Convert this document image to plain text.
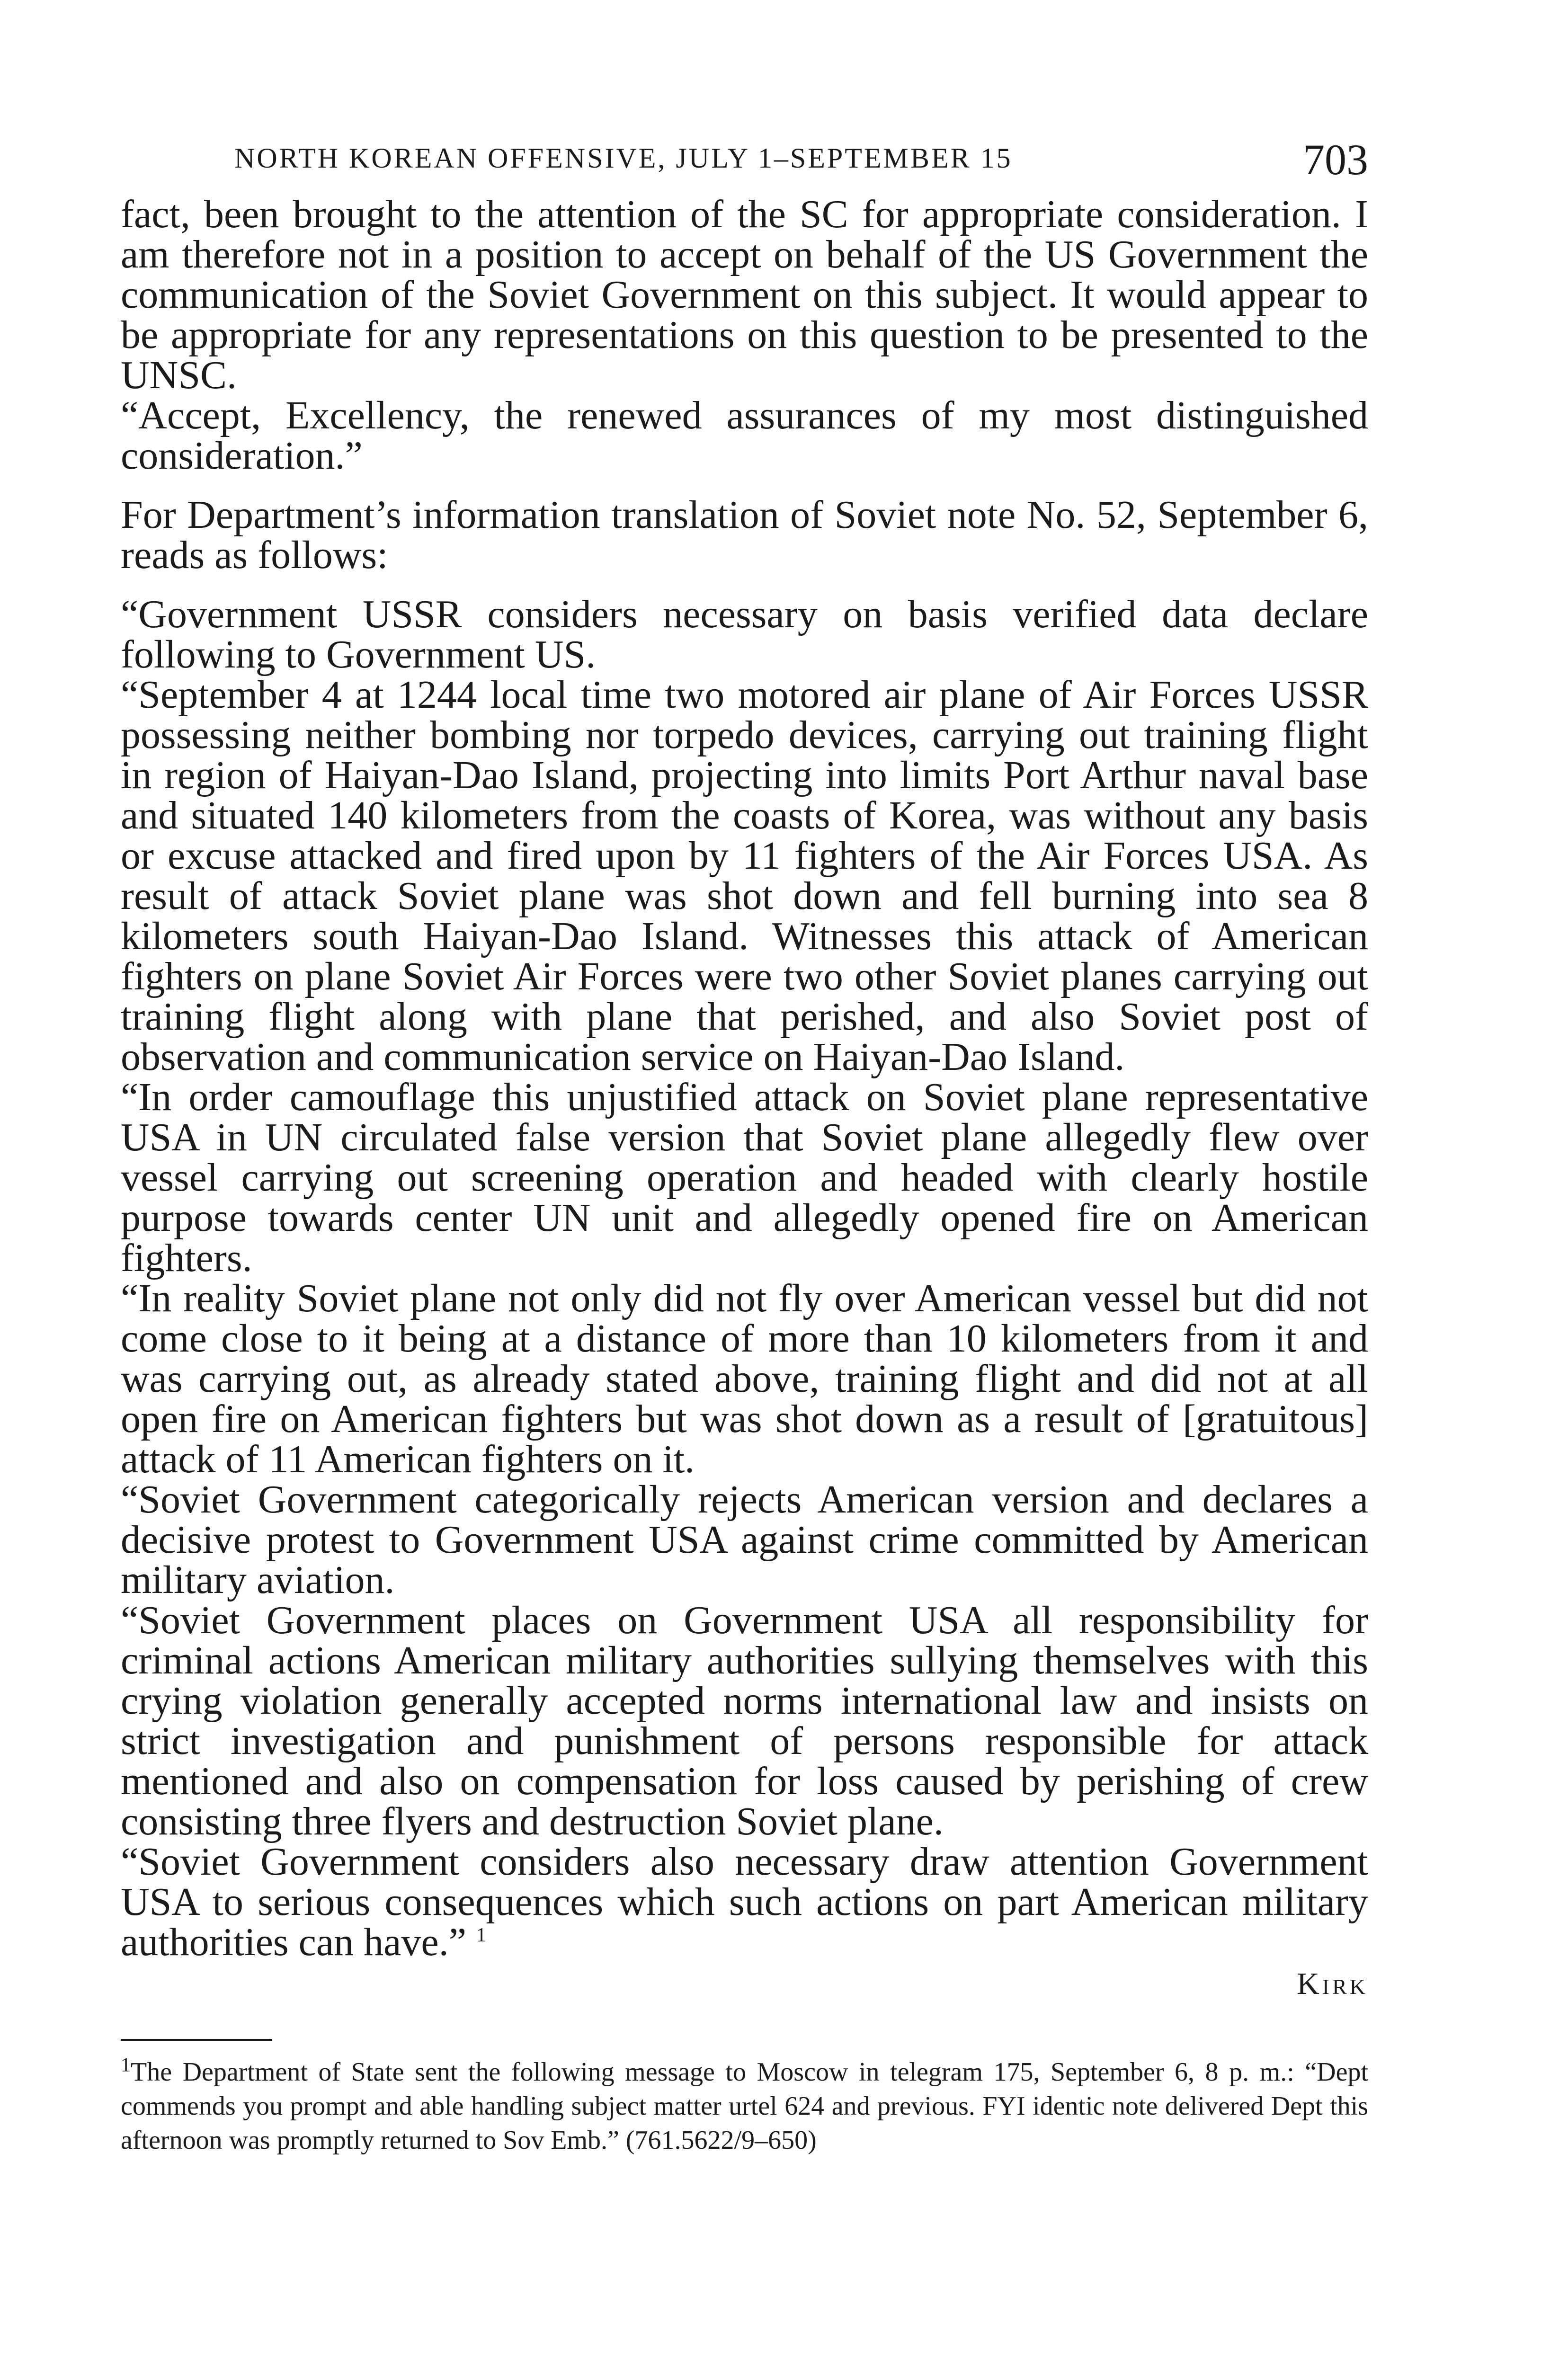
NORTH KOREAN OFFENSIVE, JULY 1–SEPTEMBER 15	703

fact, been brought to the attention of the SC for appropriate consideration. I am therefore not in a position to accept on behalf of the US Government the communication of the Soviet Government on this subject. It would appear to be appropriate for any representations on this question to be presented to the UNSC.

“Accept, Excellency, the renewed assurances of my most distinguished consideration.”

For Department’s information translation of Soviet note No. 52, September 6, reads as follows:

“Government USSR considers necessary on basis verified data declare following to Government US.

“September 4 at 1244 local time two motored air plane of Air Forces USSR possessing neither bombing nor torpedo devices, carrying out training flight in region of Haiyan-Dao Island, projecting into limits Port Arthur naval base and situated 140 kilometers from the coasts of Korea, was without any basis or excuse attacked and fired upon by 11 fighters of the Air Forces USA. As result of attack Soviet plane was shot down and fell burning into sea 8 kilometers south Haiyan-Dao Island. Witnesses this attack of American fighters on plane Soviet Air Forces were two other Soviet planes carrying out training flight along with plane that perished, and also Soviet post of observation and communication service on Haiyan-Dao Island.

“In order camouflage this unjustified attack on Soviet plane representative USA in UN circulated false version that Soviet plane allegedly flew over vessel carrying out screening operation and headed with clearly hostile purpose towards center UN unit and allegedly opened fire on American fighters.

“In reality Soviet plane not only did not fly over American vessel but did not come close to it being at a distance of more than 10 kilometers from it and was carrying out, as already stated above, training flight and did not at all open fire on American fighters but was shot down as a result of [gratuitous] attack of 11 American fighters on it.

“Soviet Government categorically rejects American version and declares a decisive protest to Government USA against crime committed by American military aviation.

“Soviet Government places on Government USA all responsibility for criminal actions American military authorities sullying themselves with this crying violation generally accepted norms international law and insists on strict investigation and punishment of persons responsible for attack mentioned and also on compensation for loss caused by perishing of crew consisting three flyers and destruction Soviet plane.

“Soviet Government considers also necessary draw attention Government USA to serious consequences which such actions on part American military authorities can have.” $^1$

Kirk

$^1$The Department of State sent the following message to Moscow in telegram 175, September 6, 8 p. m.: “Dept commends you prompt and able handling subject matter urtel 624 and previous. FYI identic note delivered Dept this afternoon was promptly returned to Sov Emb.” (761.5622/9–650)
